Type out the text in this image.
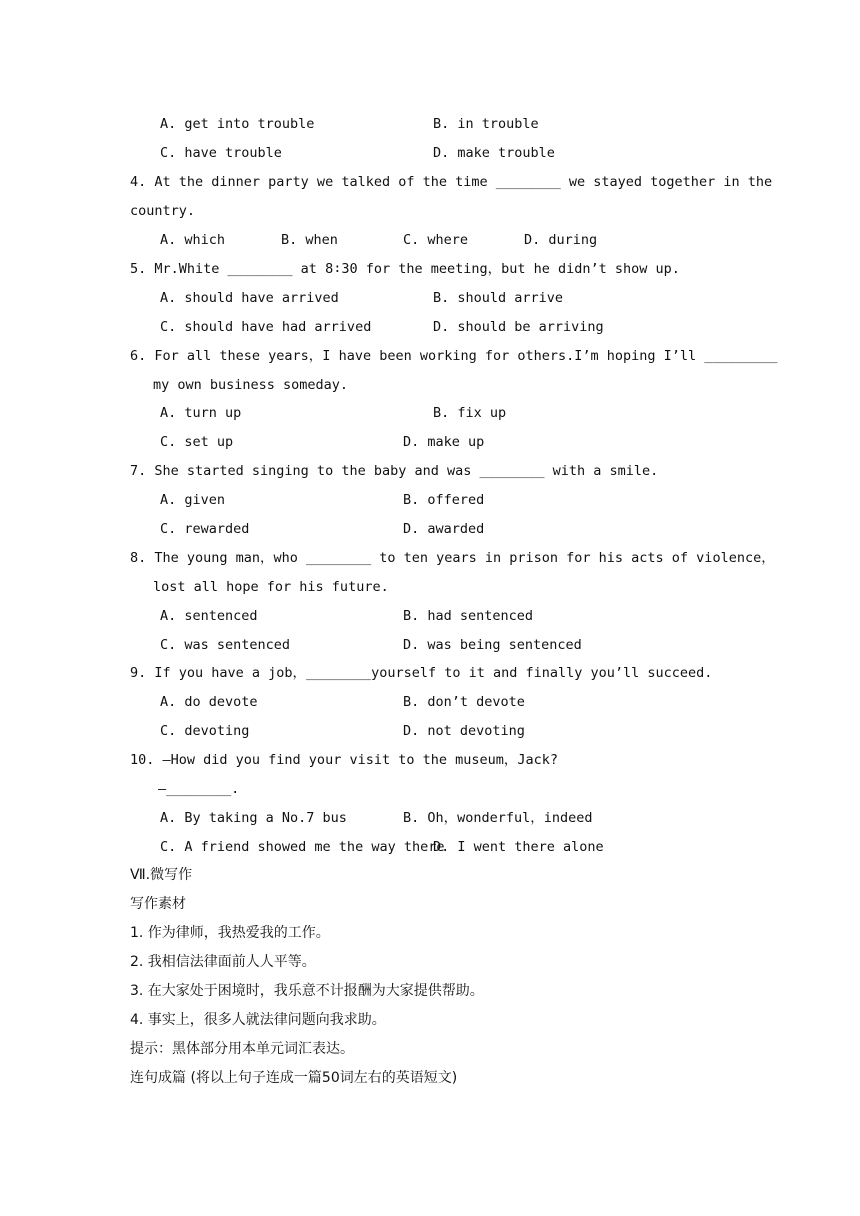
A. get into trouble	B. in trouble
C. have trouble	D. make trouble
4. At the dinner party we talked of the time ________ we stayed together in the
country.
A. which	B. when	C. where	D. during
5. Mr.White ________ at 8∶30 for the meeting，but he didn’t show up.
A. should have arrived	B. should arrive
C. should have had arrived	D. should be arriving
6. For all these years，I have been working for others.I’m hoping I’ll _________
my own business someday.
A. turn up	B. fix up
C. set up	D. make up
7. She started singing to the baby and was ________ with a smile.
A. given	B. offered
C. rewarded	D. awarded
8. The young man，who ________ to ten years in prison for his acts of violence，
lost all hope for his future.
A. sentenced	B. had sentenced
C. was sentenced	D. was being sentenced
9. If you have a job，________yourself to it and finally you’ll succeed.
A. do devote	B. don’t devote
C. devoting	D. not devoting
10. —How did you find your visit to the museum，Jack?
—________.
A. By taking a No.7 bus	B. Oh，wonderful，indeed
C. A friend showed me the way there
D. I went there alone
Ⅶ.微写作
写作素材
1. 作为律师，我热爱我的工作。
2. 我相信法律面前人人平等。
3. 在大家处于困境时，我乐意不计报酬为大家提供帮助。
4. 事实上，很多人就法律问题向我求助。
提示：黑体部分用本单元词汇表达。
连句成篇 (将以上句子连成一篇50词左右的英语短文)
